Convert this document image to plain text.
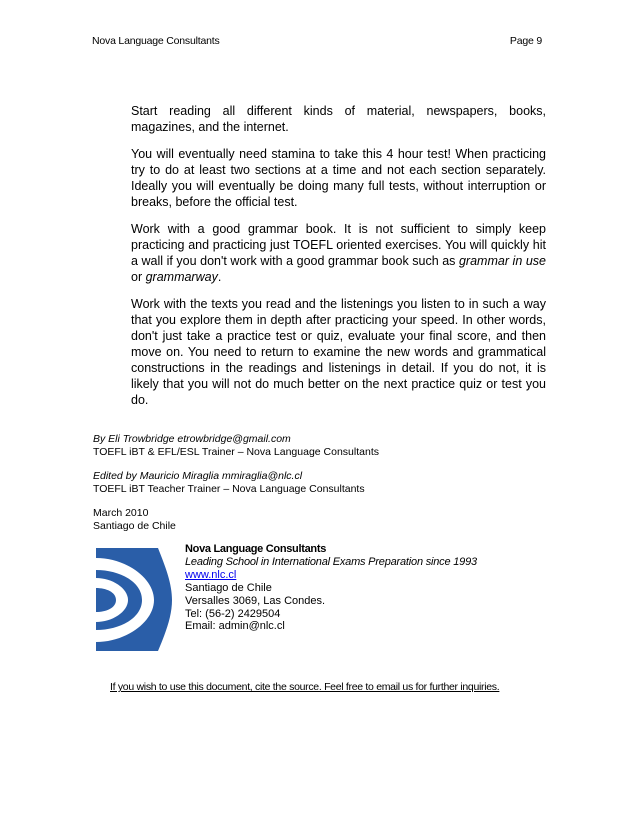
Nova Language Consultants	Page 9

Start reading all different kinds of material, newspapers, books, magazines, and the internet.

You will eventually need stamina to take this 4 hour test! When practicing try to do at least two sections at a time and not each section separately. Ideally you will eventually be doing many full tests, without interruption or breaks, before the official test.

Work with a good grammar book. It is not sufficient to simply keep practicing and practicing just TOEFL oriented exercises. You will quickly hit a wall if you don't work with a good grammar book such as grammar in use or grammarway.

Work with the texts you read and the listenings you listen to in such a way that you explore them in depth after practicing your speed. In other words, don't just take a practice test or quiz, evaluate your final score, and then move on. You need to return to examine the new words and grammatical constructions in the readings and listenings in detail. If you do not, it is likely that you will not do much better on the next practice quiz or test you do.

By Eli Trowbridge etrowbridge@gmail.com
TOEFL iBT & EFL/ESL Trainer – Nova Language Consultants
Edited by Mauricio Miraglia mmiraglia@nlc.cl
TOEFL iBT Teacher Trainer – Nova Language Consultants
March 2010
Santiago de Chile
Nova Language Consultants
Leading School in International Exams Preparation since 1993
www.nlc.cl
Santiago de Chile
Versalles 3069, Las Condes.
Tel: (56-2) 2429504
Email: admin@nlc.cl
If you wish to use this document, cite the source. Feel free to email us for further inquiries.
